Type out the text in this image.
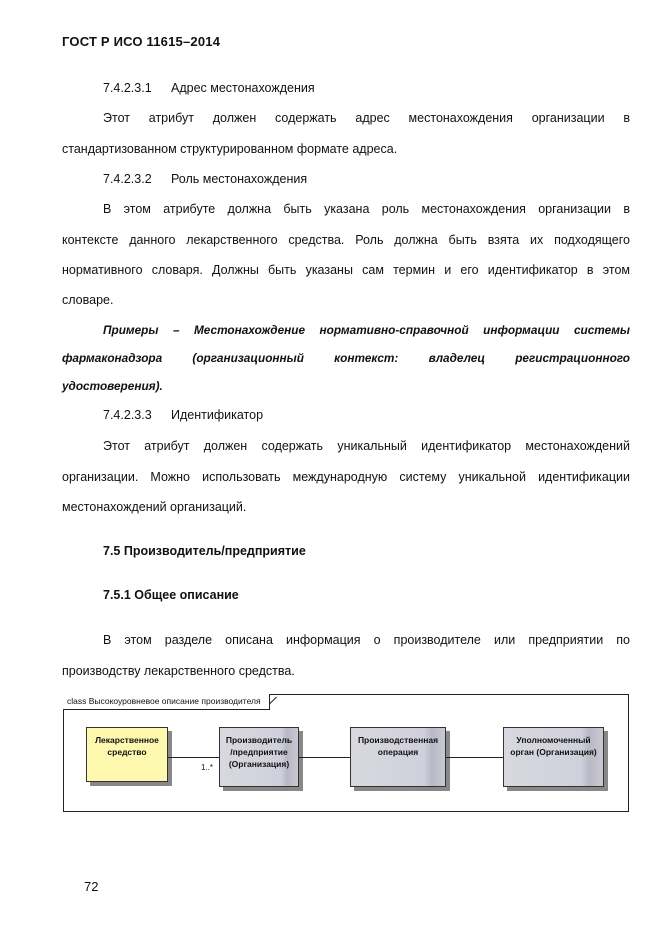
ГОСТ Р ИСО 11615–2014
7.4.2.3.1 Адрес местонахождения
Этот атрибут должен содержать адрес местонахождения организации в
стандартизованном структурированном формате адреса.
7.4.2.3.2 Роль местонахождения
В этом атрибуте должна быть указана роль местонахождения организации в
контексте данного лекарственного средства. Роль должна быть взята их подходящего
нормативного словаря. Должны быть указаны сам термин и его идентификатор в этом
словаре.
Примеры – Местонахождение нормативно-справочной информации системы
фармаконадзора (организационный контекст: владелец регистрационного
удостоверения).
7.4.2.3.3 Идентификатор
Этот атрибут должен содержать уникальный идентификатор местонахождений
организации. Можно использовать международную систему уникальной идентификации
местонахождений организаций.
7.5 Производитель/предприятие
7.5.1 Общее описание
В этом разделе описана информация о производителе или предприятии по
производству лекарственного средства.
class Высокоуровневое описание производителя
Лекарственное
средство
Производитель
/предприятие
(Организация)
Производственная
операция
Уполномоченный
орган (Организация)
1..*
72
